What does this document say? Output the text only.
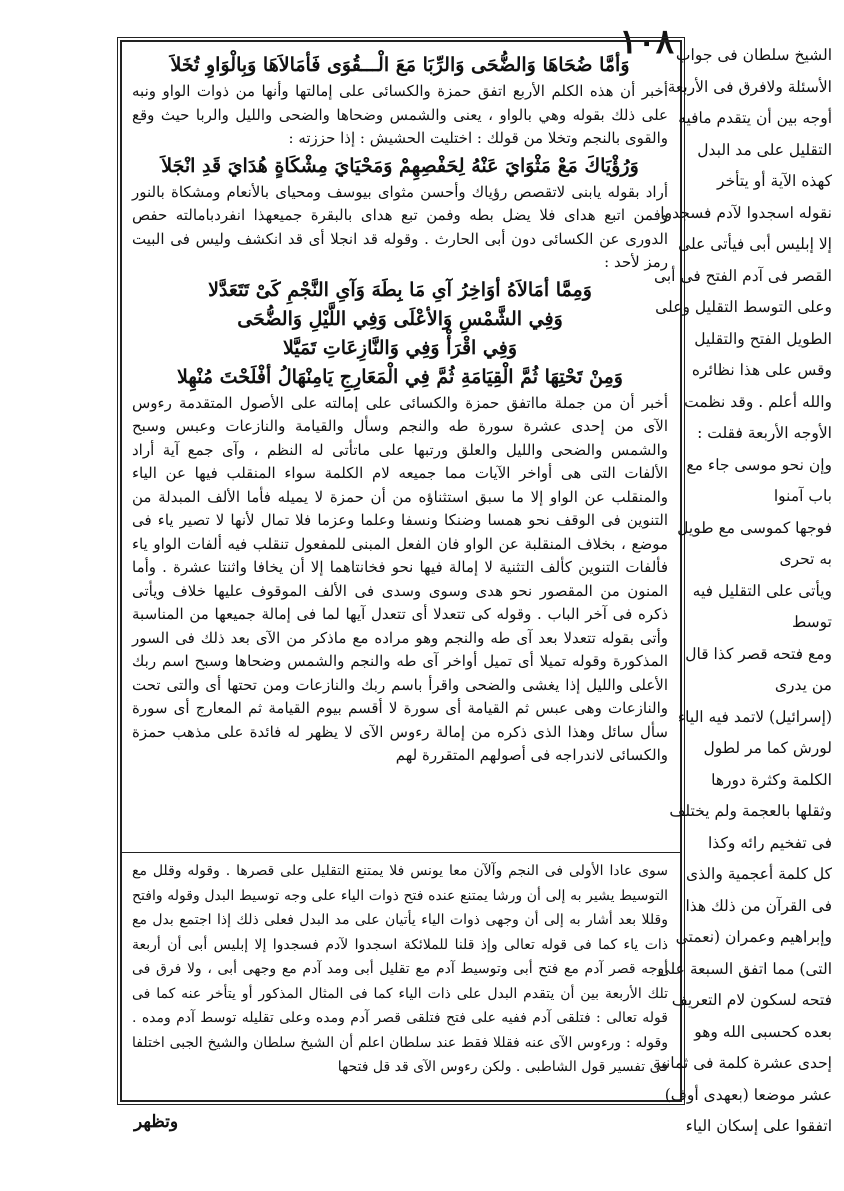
١٠٨

وَأمَّا ضُحَاهَا وَالضُّحَى وَالرِّبَا مَعَ الْـــقُوَى فَأمَالاَهَا وَبِالْوَاوِ تُخَلاَ

أخبر أن هذه الكلم الأربع اتفق حمزة والكسائى على إمالتها وأنها من ذوات الواو ونبه على ذلك بقوله وهي بالواو ، يعنى والشمس وضحاها والضحى والليل والربا حيث وقع والقوى بالنجم وتخلا من قولك : اختليت الحشيش : إذا حززته :

وَرُؤْيَاكَ مَعْ مَثْوَايَ عَنْهُ لِحَفْصِهِمْ وَمَحْيَايَ مِشْكَاةٍ هُدَايَ قَدِ انْجَلاَ

أراد بقوله يابنى لاتقصص رؤياك وأحسن مثواى بيوسف ومحياى بالأنعام ومشكاة بالنور وفمن اتبع هداى فلا يضل بطه وفمن تبع هداى بالبقرة جميعهذا انفردبامالته حفص الدورى عن الكسائى دون أبى الحارث . وقوله قد انجلا أى قد انكشف وليس فى البيت رمز لأحد :

وَمِمَّا أمَالاَهُ أوَاخِرُ آىِ مَا بِطَهَ وَآىِ النَّجْمِ كَىْ تَتَعَدَّلا

وَفِي الشَّمْسِ وَالأعْلَى وَفِي اللَّيْلِ وَالضُّحَى

وَفِي اقْرَأْ وَفِي وَالنَّازِعَاتِ تَمَيَّلا

وَمِنْ تَحْتِهَا ثُمَّ الْقِيَامَةِ ثُمَّ فِي الْمَعَارِجِ يَامِنْهَالُ أفْلَحْتَ مُنْهِلا

أخبر أن من جملة مااتفق حمزة والكسائى على إمالته على الأصول المتقدمة رءوس الآى من إحدى عشرة سورة طه والنجم وسأل والقيامة والنازعات وعبس وسبح والشمس والضحى والليل والعلق ورتبها على ماتأتى له النظم ، وآى جمع آية أراد الألفات التى هى أواخر الآيات مما جميعه لام الكلمة سواء المنقلب فيها عن الياء والمنقلب عن الواو إلا ما سبق استثناؤه من أن حمزة لا يميله فأما الألف المبدلة من التنوين فى الوقف نحو همسا وضنكا ونسفا وعلما وعزما فلا تمال لأنها لا تصير ياء فى موضع ، بخلاف المنقلبة عن الواو فان الفعل المبنى للمفعول تنقلب فيه ألفات الواو ياء فألفات التنوين كألف التثنية لا إمالة فيها نحو فخانتاهما إلا أن يخافا واثنتا عشرة . وأما المنون من المقصور نحو هدى وسوى وسدى فى الألف الموقوف عليها خلاف ويأتى ذكره فى آخر الباب . وقوله كى تتعدلا أى تتعدل آيها لما فى إمالة جميعها من المناسبة وأتى بقوله تتعدلا بعد آى طه والنجم وهو مراده مع ماذكر من الآى بعد ذلك فى السور المذكورة وقوله تميلا أى تميل أواخر آى طه والنجم والشمس وضحاها وسبح اسم ربك الأعلى والليل إذا يغشى والضحى واقرأ باسم ربك والنازعات ومن تحتها أى والتى تحت والنازعات وهى عبس ثم القيامة أى سورة لا أقسم بيوم القيامة ثم المعارج أى سورة سأل سائل وهذا الذى ذكره من إمالة رءوس الآى لا يظهر له فائدة على مذهب حمزة والكسائى لاندراجه فى أصولهم المتقررة لهم

سوى عادا الأولى فى النجم وآلآن معا يونس فلا يمتنع التقليل على قصرها . وقوله وقلل مع التوسيط يشير به إلى أن ورشا يمتنع عنده فتح ذوات الياء على وجه توسيط البدل وقوله وافتح وقللا بعد أشار به إلى أن وجهى ذوات الياء يأتيان على مد البدل فعلى ذلك إذا اجتمع بدل مع ذات ياء كما فى قوله تعالى وإذ قلنا للملائكة اسجدوا لآدم فسجدوا إلا إبليس أبى أن أربعة أوجه قصر آدم مع فتح أبى وتوسيط آدم مع تقليل أبى ومد آدم مع وجهى أبى ، ولا فرق فى تلك الأربعة بين أن يتقدم البدل على ذات الياء كما فى المثال المذكور أو يتأخر عنه كما فى قوله تعالى : فتلقى آدم ففيه على فتح فتلقى قصر آدم ومده وعلى تقليله توسط آدم ومده . وقوله : ورءوس الآى عنه فقللا فقط عند سلطان اعلم أن الشيخ سلطان والشيخ الجبى اختلفا فى تفسير قول الشاطبى . ولكن رءوس الآى قد قل فتحها

الشيخ سلطان فى جواب
الأسئلة ولافرق فى الأربعة
أوجه بين أن يتقدم مافيه
التقليل على مد البدل
كهذه الآية أو يتأخر
نقوله اسجدوا لآدم فسجدوا
إلا إبليس أبى فيأتى على
القصر فى آدم الفتح فى أبى
وعلى التوسط التقليل وعلى
الطويل الفتح والتقليل
وقس على هذا نظائره
والله أعلم . وقد نظمت
الأوجه الأربعة فقلت :
وإن نحو موسى جاء مع
باب آمنوا
فوجها كموسى مع طويل
به تحرى
ويأتى على التقليل فيه
توسط
ومع فتحه قصر كذا قال
من يدرى
(إسرائيل) لاتمد فيه الياء
لورش كما مر لطول
الكلمة وكثرة دورها
وثقلها بالعجمة ولم يختلف
فى تفخيم رائه وكذا
كل كلمة أعجمية والذى
فى القرآن من ذلك هذا
وإبراهيم وعمران (نعمتى
التى) مما اتفق السبعة على
فتحه لسكون لام التعريف
بعده كحسبى الله وهو
إحدى عشرة كلمة فى ثمانية
عشر موضعا (بعهدى أوف)
اتفقوا على إسكان الياء
وتظهر
